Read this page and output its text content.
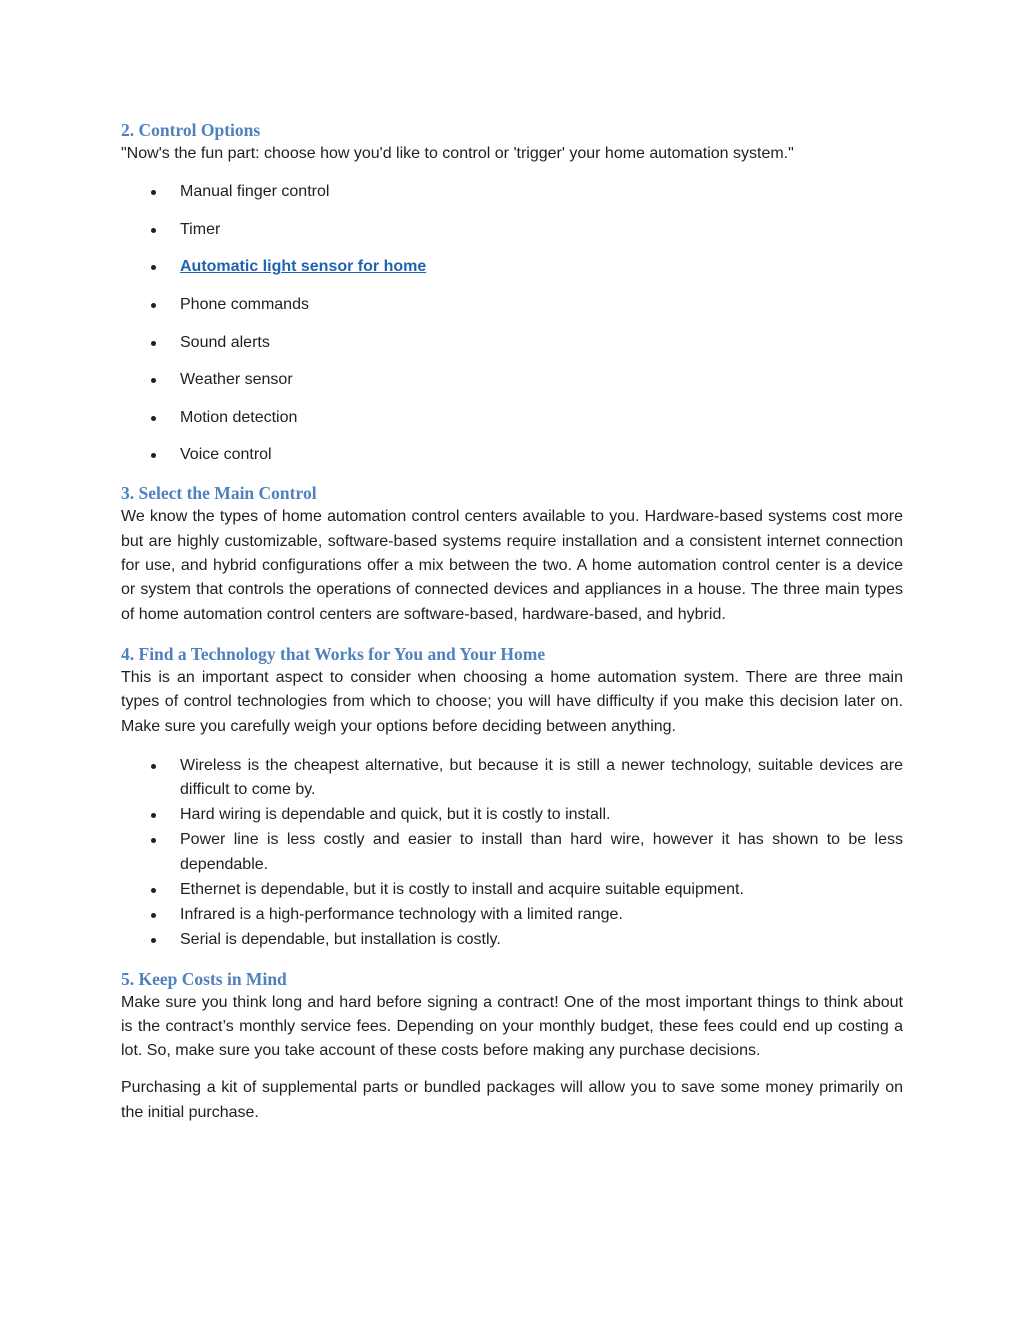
2. Control Options

"Now's the fun part: choose how you'd like to control or 'trigger' your home automation system."

Manual finger control
Timer
Automatic light sensor for home
Phone commands
Sound alerts
Weather sensor
Motion detection
Voice control
3. Select the Main Control

We know the types of home automation control centers available to you. Hardware-based systems cost more but are highly customizable, software-based systems require installation and a consistent internet connection for use, and hybrid configurations offer a mix between the two. A home automation control center is a device or system that controls the operations of connected devices and appliances in a house. The three main types of home automation control centers are software-based, hardware-based, and hybrid.

4. Find a Technology that Works for You and Your Home

This is an important aspect to consider when choosing a home automation system. There are three main types of control technologies from which to choose; you will have difficulty if you make this decision later on. Make sure you carefully weigh your options before deciding between anything.

Wireless is the cheapest alternative, but because it is still a newer technology, suitable devices are difficult to come by.
Hard wiring is dependable and quick, but it is costly to install.
Power line is less costly and easier to install than hard wire, however it has shown to be less dependable.
Ethernet is dependable, but it is costly to install and acquire suitable equipment.
Infrared is a high-performance technology with a limited range.
Serial is dependable, but installation is costly.
5. Keep Costs in Mind

Make sure you think long and hard before signing a contract! One of the most important things to think about is the contract’s monthly service fees. Depending on your monthly budget, these fees could end up costing a lot. So, make sure you take account of these costs before making any purchase decisions.

Purchasing a kit of supplemental parts or bundled packages will allow you to save some money primarily on the initial purchase.
